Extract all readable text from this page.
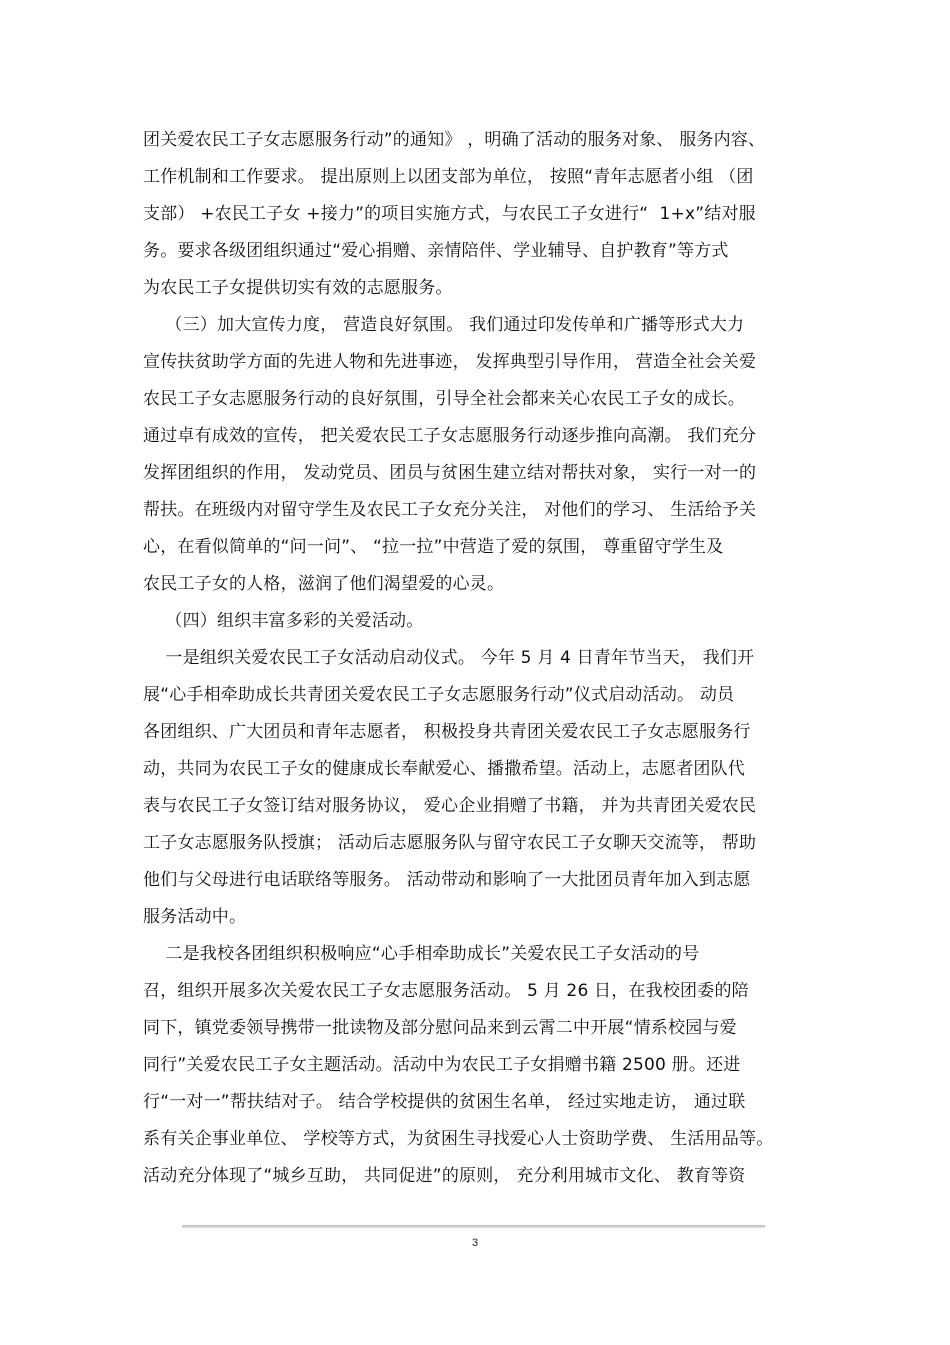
团关爱农民工子女志愿服务行动”的通知》 ，明确了活动的服务对象、 服务内容、
工作机制和工作要求。 提出原则上以团支部为单位， 按照“青年志愿者小组 （团
支部） +农民工子女 +接力”的项目实施方式，与农民工子女进行“  1+x”结对服
务。要求各级团组织通过“爱心捐赠、亲情陪伴、学业辅导、自护教育”等方式
为农民工子女提供切实有效的志愿服务。
（三）加大宣传力度， 营造良好氛围。 我们通过印发传单和广播等形式大力
宣传扶贫助学方面的先进人物和先进事迹， 发挥典型引导作用， 营造全社会关爱
农民工子女志愿服务行动的良好氛围，引导全社会都来关心农民工子女的成长。
通过卓有成效的宣传， 把关爱农民工子女志愿服务行动逐步推向高潮。 我们充分
发挥团组织的作用， 发动党员、团员与贫困生建立结对帮扶对象， 实行一对一的
帮扶。在班级内对留守学生及农民工子女充分关注， 对他们的学习、 生活给予关
心，在看似简单的“问一问”、 “拉一拉”中营造了爱的氛围， 尊重留守学生及
农民工子女的人格，滋润了他们渴望爱的心灵。
（四）组织丰富多彩的关爱活动。
一是组织关爱农民工子女活动启动仪式。 今年 5 月 4 日青年节当天， 我们开
展“心手相牵助成长共青团关爱农民工子女志愿服务行动”仪式启动活动。 动员
各团组织、广大团员和青年志愿者， 积极投身共青团关爱农民工子女志愿服务行
动，共同为农民工子女的健康成长奉献爱心、播撒希望。活动上，志愿者团队代
表与农民工子女签订结对服务协议， 爱心企业捐赠了书籍， 并为共青团关爱农民
工子女志愿服务队授旗； 活动后志愿服务队与留守农民工子女聊天交流等， 帮助
他们与父母进行电话联络等服务。 活动带动和影响了一大批团员青年加入到志愿
服务活动中。
二是我校各团组织积极响应“心手相牵助成长”关爱农民工子女活动的号
召，组织开展多次关爱农民工子女志愿服务活动。 5 月 26 日，在我校团委的陪
同下，镇党委领导携带一批读物及部分慰问品来到云霄二中开展“情系校园与爱
同行”关爱农民工子女主题活动。活动中为农民工子女捐赠书籍 2500 册。还进
行“一对一”帮扶结对子。 结合学校提供的贫困生名单， 经过实地走访， 通过联
系有关企事业单位、 学校等方式，为贫困生寻找爱心人士资助学费、 生活用品等。
活动充分体现了“城乡互助， 共同促进”的原则， 充分利用城市文化、 教育等资
3
